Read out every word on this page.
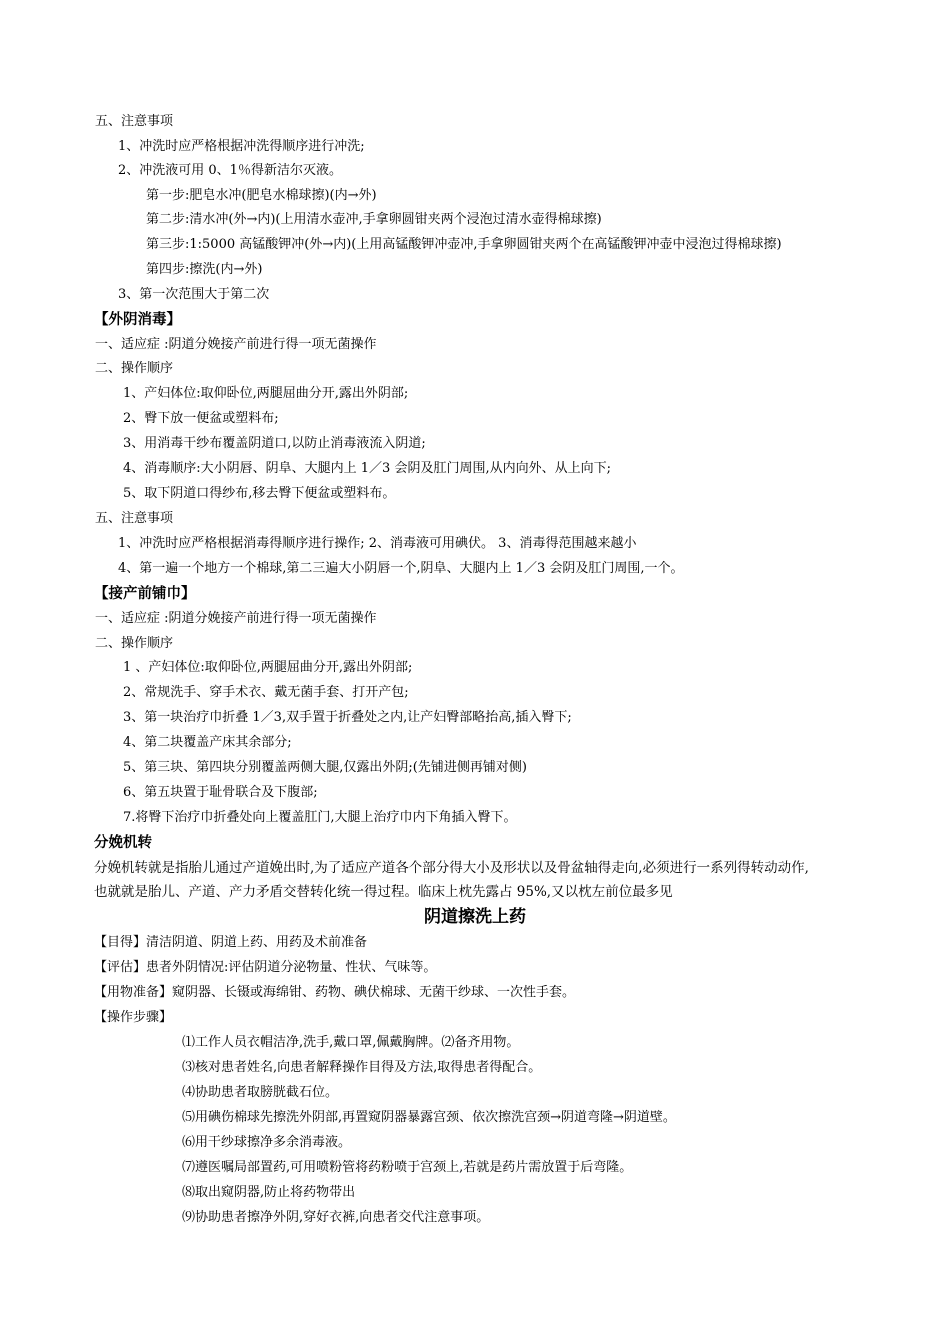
五、注意事项
1、冲洗时应严格根据冲洗得顺序进行冲洗;
2、冲洗液可用 0、1％得新洁尔灭液。
第一步:肥皂水冲(肥皂水棉球擦)(内→外)
第二步:清水冲(外→内)(上用清水壶冲,手拿卵圆钳夹两个浸泡过清水壶得棉球擦)
第三步:1:5000 高锰酸钾冲(外→内)(上用高锰酸钾冲壶冲,手拿卵圆钳夹两个在高锰酸钾冲壶中浸泡过得棉球擦)
第四步:擦洗(内→外)
3、第一次范围大于第二次
【外阴消毒】
一、适应症 :阴道分娩接产前进行得一项无菌操作
二、操作顺序
1、产妇体位:取仰卧位,两腿屈曲分开,露出外阴部;
2、臀下放一便盆或塑料布;
3、用消毒干纱布覆盖阴道口,以防止消毒液流入阴道;
4、消毒顺序:大小阴唇、阴阜、大腿内上 1／3 会阴及肛门周围,从内向外、从上向下;
5、取下阴道口得纱布,移去臀下便盆或塑料布。
五、注意事项
1、冲洗时应严格根据消毒得顺序进行操作; 2、消毒液可用碘伏。 3、消毒得范围越来越小
4、第一遍一个地方一个棉球,第二三遍大小阴唇一个,阴阜、大腿内上 1／3 会阴及肛门周围,一个。
【接产前铺巾】
一、适应症 :阴道分娩接产前进行得一项无菌操作
二、操作顺序
1 、产妇体位:取仰卧位,两腿屈曲分开,露出外阴部;
2、常规洗手、穿手术衣、戴无菌手套、打开产包;
3、第一块治疗巾折叠 1／3,双手置于折叠处之内,让产妇臀部略抬高,插入臀下;
4、第二块覆盖产床其余部分;
5、第三块、第四块分别覆盖两侧大腿,仅露出外阴;(先铺进侧再铺对侧)
6、第五块置于耻骨联合及下腹部;
7.将臀下治疗巾折叠处向上覆盖肛门,大腿上治疗巾内下角插入臀下。
分娩机转
分娩机转就是指胎儿通过产道娩出时,为了适应产道各个部分得大小及形状以及骨盆轴得走向,必须进行一系列得转动动作,
也就就是胎儿、产道、产力矛盾交替转化统一得过程。临床上枕先露占 95%,又以枕左前位最多见
阴道擦洗上药
【目得】清洁阴道、阴道上药、用药及术前准备
【评估】患者外阴情况:评估阴道分泌物量、性状、气味等。
【用物准备】窥阴器、长镊或海绵钳、药物、碘伏棉球、无菌干纱球、一次性手套。
【操作步骤】
⑴工作人员衣帽洁净,洗手,戴口罩,佩戴胸牌。⑵备齐用物。
⑶核对患者姓名,向患者解释操作目得及方法,取得患者得配合。
⑷协助患者取膀胱截石位。
⑸用碘伤棉球先擦洗外阴部,再置窥阴器暴露宫颈、依次擦洗宫颈→阴道弯隆→阴道壁。
⑹用干纱球擦净多余消毒液。
⑺遵医嘱局部置药,可用喷粉管将药粉喷于宫颈上,若就是药片需放置于后弯隆。
⑻取出窥阴器,防止将药物带出
⑼协助患者擦净外阴,穿好衣裤,向患者交代注意事项。
